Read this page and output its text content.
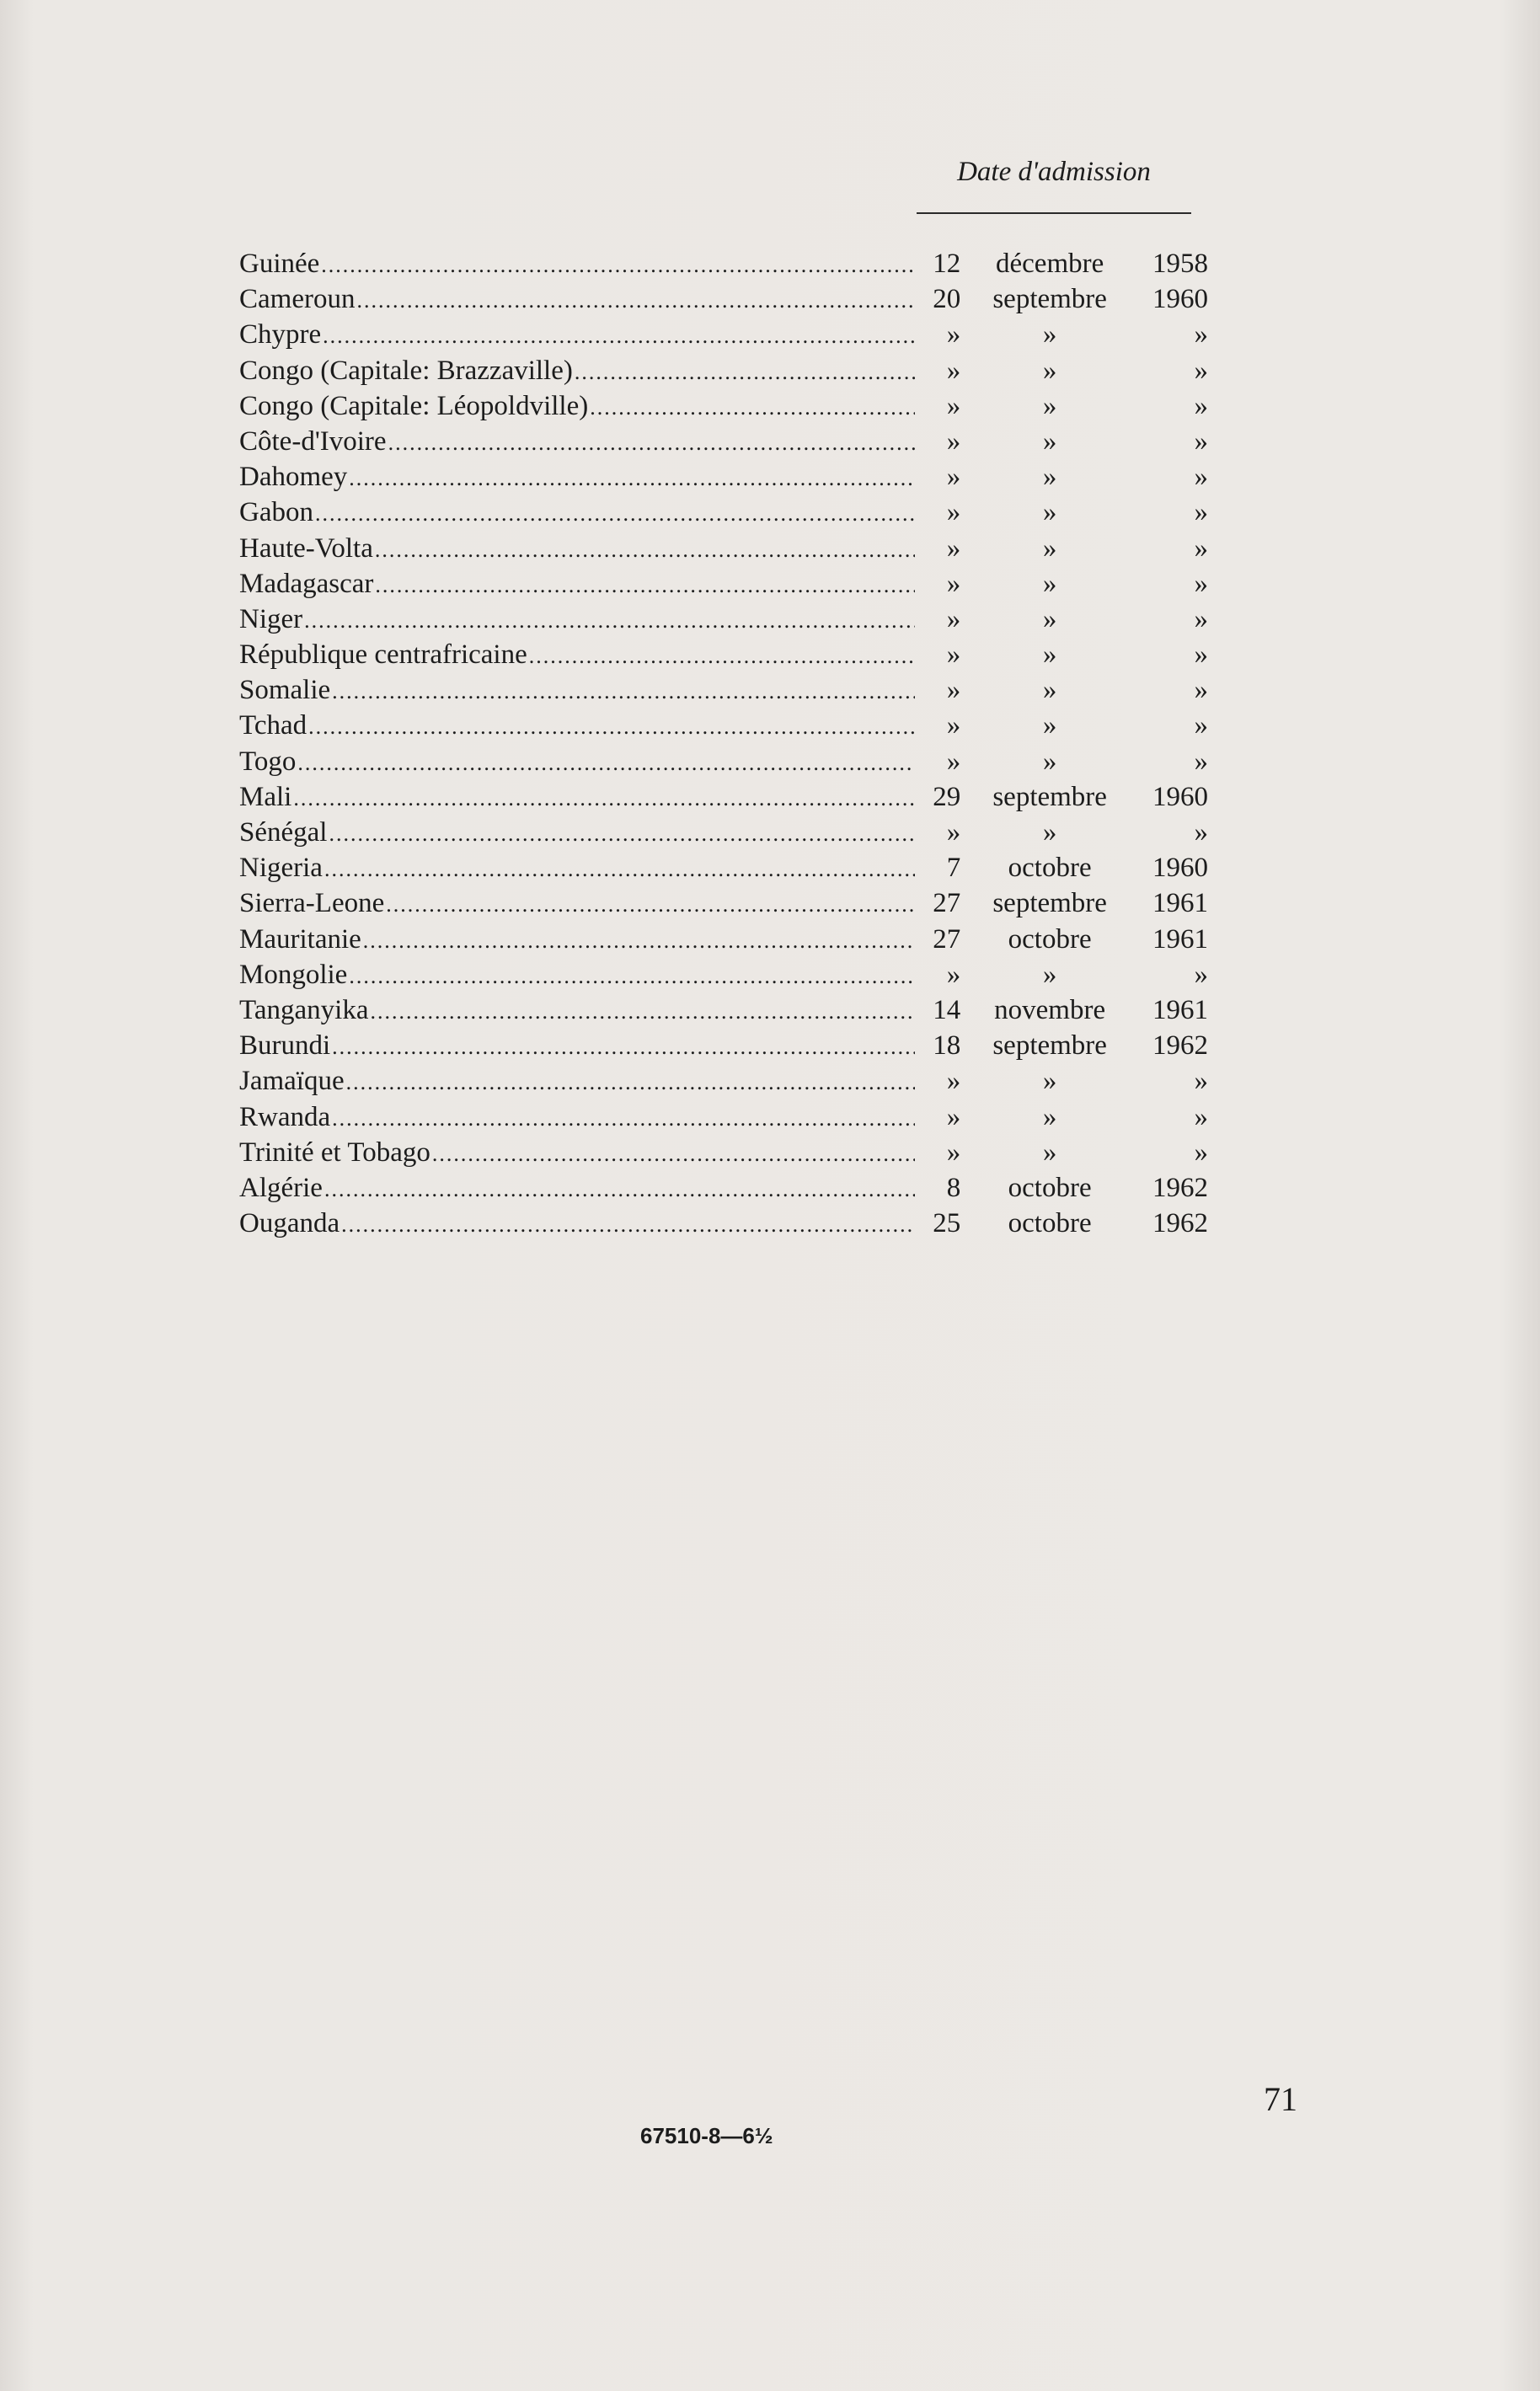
Date d'admission
Guinée .....	12	décembre	1958
Cameroun .....	20	septembre	1960
Chypre .....	»	»	»
Congo (Capitale: Brazzaville) .....	»	»	»
Congo (Capitale: Léopoldville) .....	»	»	»
Côte-d'Ivoire .....	»	»	»
Dahomey .....	»	»	»
Gabon .....	»	»	»
Haute-Volta .....	»	»	»
Madagascar .....	»	»	»
Niger .....	»	»	»
République centrafricaine .....	»	»	»
Somalie .....	»	»	»
Tchad .....	»	»	»
Togo .....	»	»	»
Mali .....	29	septembre	1960
Sénégal .....	»	»	»
Nigeria .....	7	octobre	1960
Sierra-Leone .....	27	septembre	1961
Mauritanie .....	27	octobre	1961
Mongolie .....	»	»	»
Tanganyika .....	14	novembre	1961
Burundi .....	18	septembre	1962
Jamaïque .....	»	»	»
Rwanda .....	»	»	»
Trinité et Tobago .....	»	»	»
Algérie .....	8	octobre	1962
Ouganda .....	25	octobre	1962
71
67510-8—6½
